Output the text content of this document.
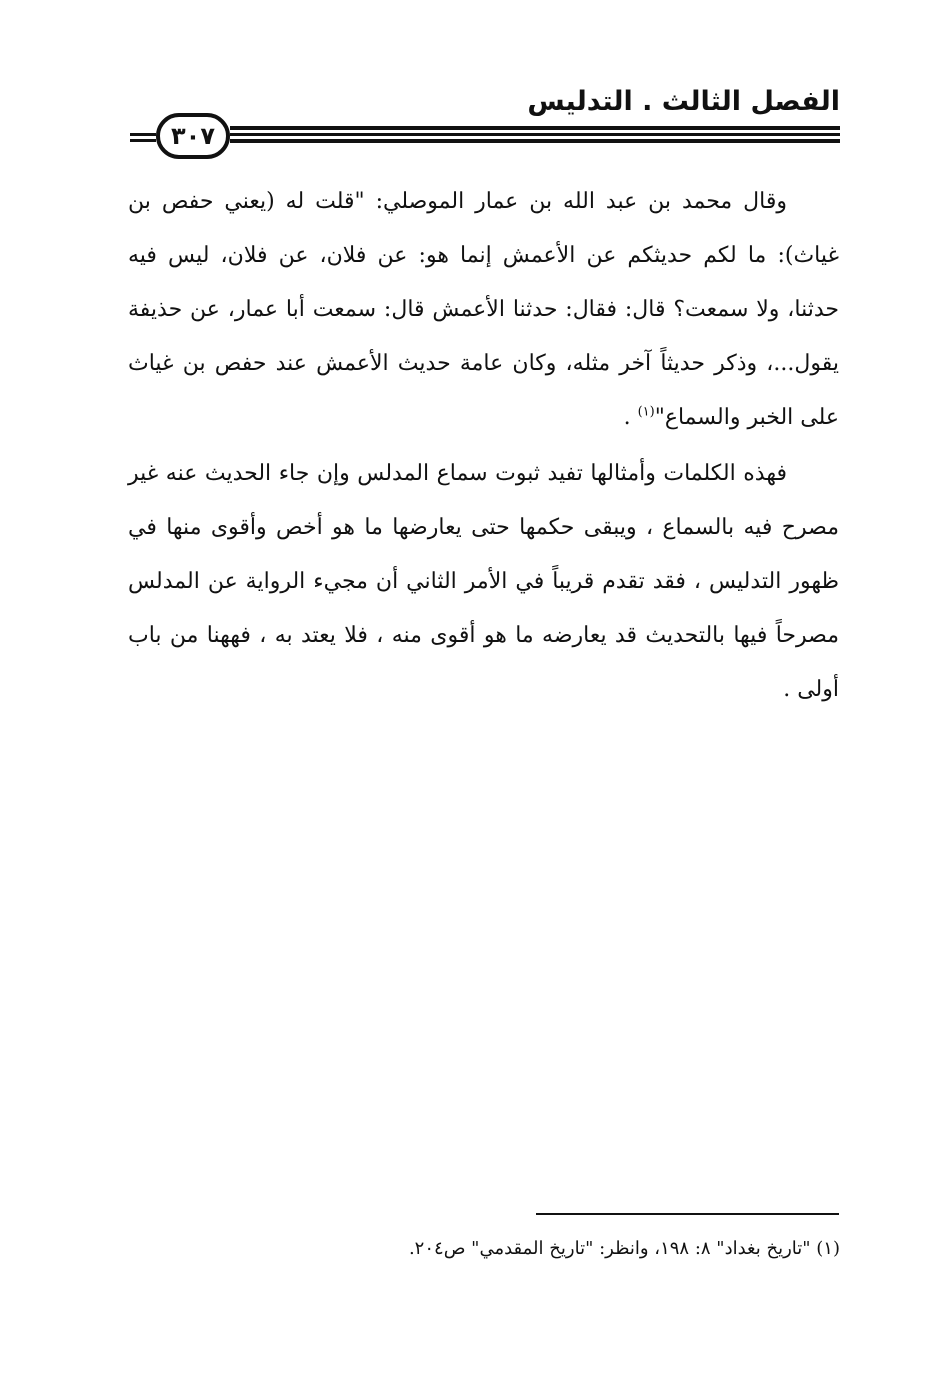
الفصل الثالث . التدليس
٣٠٧

وقال محمد بن عبد الله بن عمار الموصلي: "قلت له (يعني حفص بن غياث): ما لكم حديثكم عن الأعمش إنما هو: عن فلان، عن فلان، ليس فيه حدثنا، ولا سمعت؟ قال: فقال: حدثنا الأعمش قال: سمعت أبا عمار، عن حذيفة يقول...، وذكر حديثاً آخر مثله، وكان عامة حديث الأعمش عند حفص بن غياث على الخبر والسماع"$^{(١)}$ .

فهذه الكلمات وأمثالها تفيد ثبوت سماع المدلس وإن جاء الحديث عنه غير مصرح فيه بالسماع ، ويبقى حكمها حتى يعارضها ما هو أخص وأقوى منها في ظهور التدليس ، فقد تقدم قريباً في الأمر الثاني أن مجيء الرواية عن المدلس مصرحاً فيها بالتحديث قد يعارضه ما هو أقوى منه ، فلا يعتد به ، فههنا من باب أولى .

(١) "تاريخ بغداد" ٨: ١٩٨، وانظر: "تاريخ المقدمي" ص٢٠٤.
